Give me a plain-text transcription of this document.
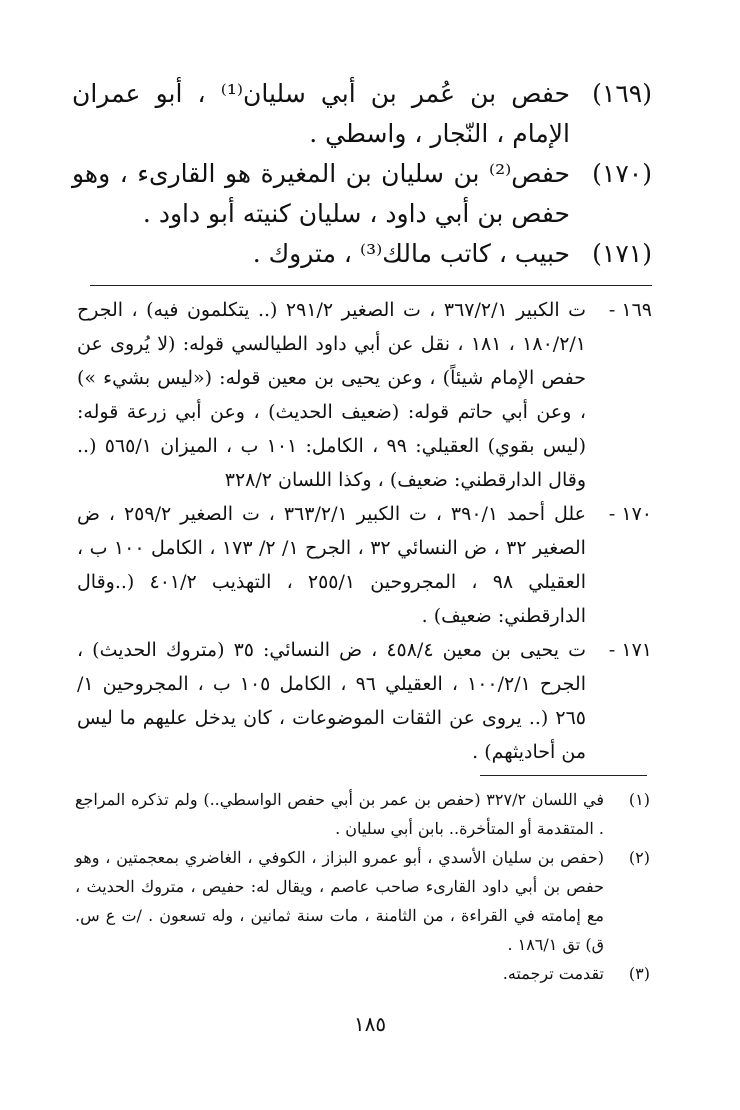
(١٦٩)
حفص بن عُمر بن أبي سليان⁽¹⁾ ، أبو عمران الإمام ، النّجار ، واسطي .
(١٧٠)
حفص⁽²⁾ بن سليان بن المغيرة هو القارىء ، وهو حفص بن أبي داود ، سليان كنيته أبو داود .
(١٧١)
حبيب ، كاتب مالك⁽³⁾ ، متروك .
١٦٩ -
ت الكبير ٣٦٧/٢/١ ، ت الصغير ٢٩١/٢ (.. يتكلمون فيه) ، الجرح ١٨٠/٢/١ ، ١٨١ ، نقل عن أبي داود الطيالسي قوله: (لا يُروى عن حفص الإمام شيئاً) ، وعن يحيى بن معين قوله: («ليس بشيء ») ، وعن أبي حاتم قوله: (ضعيف الحديث) ، وعن أبي زرعة قوله: (ليس بقوي) العقيلي: ٩٩ ، الكامل: ١٠١ ب ، الميزان ٥٦٥/١ (.. وقال الدارقطني: ضعيف) ، وكذا اللسان ٣٢٨/٢
١٧٠ -
علل أحمد ٣٩٠/١ ، ت الكبير ٣٦٣/٢/١ ، ت الصغير ٢٥٩/٢ ، ض الصغير ٣٢ ، ض النسائي ٣٢ ، الجرح ١/ ٢/ ١٧٣ ، الكامل ١٠٠ ب ، العقيلي ٩٨ ، المجروحين ٢٥٥/١ ، التهذيب ٤٠١/٢ (..وقال الدارقطني: ضعيف) .
١٧١ -
ت يحيى بن معين ٤٥٨/٤ ، ض النسائي: ٣٥ (متروك الحديث) ، الجرح ١٠٠/٢/١ ، العقيلي ٩٦ ، الكامل ١٠٥ ب ، المجروحين ١/ ٢٦٥ (.. يروى عن الثقات الموضوعات ، كان يدخل عليهم ما ليس من أحاديثهم) .
(١)
في اللسان ٣٢٧/٢ (حفص بن عمر بن أبي حفص الواسطي..) ولم تذكره المراجع . المتقدمة أو المتأخرة.. بابن أبي سليان .
(٢)
(حفص بن سليان الأسدي ، أبو عمرو البزاز ، الكوفي ، الغاضري بمعجمتين ، وهو حفص بن أبي داود القارىء صاحب عاصم ، ويقال له: حفيص ، متروك الحديث ، مع إمامته في القراءة ، من الثامنة ، مات سنة ثمانين ، وله تسعون . /ت ع س. ق) تق ١٨٦/١ .
(٣)
تقدمت ترجمته.
١٨٥
